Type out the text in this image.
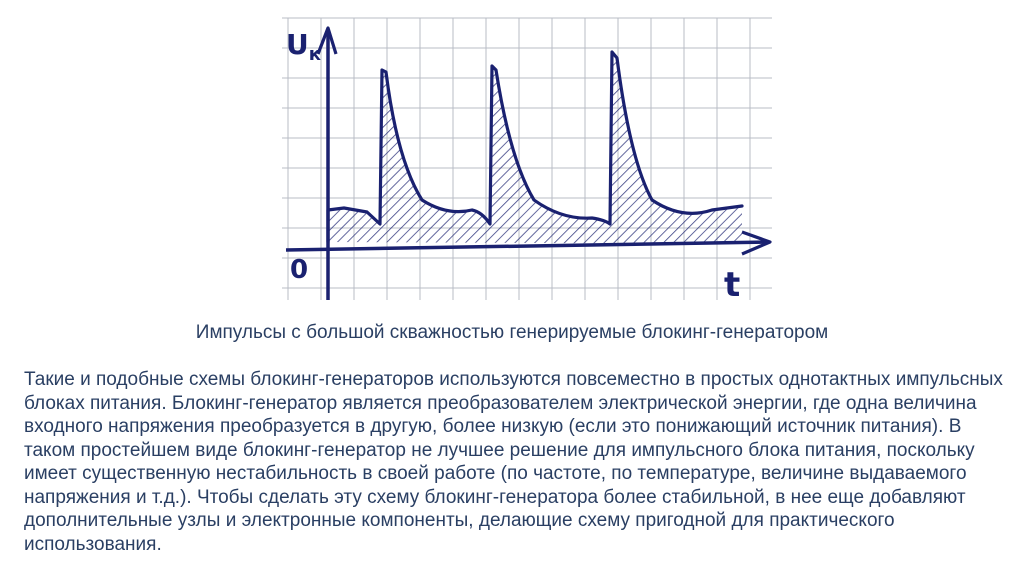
$U_к$
0	t
Импульсы с большой скважностью генерируемые блокинг-генератором
Такие и подобные схемы блокинг-генераторов используются повсеместно в простых однотактных импульсных блоках питания. Блокинг-генератор является преобразователем электрической энергии, где одна величина входного напряжения преобразуется в другую, более низкую (если это понижающий источник питания). В таком простейшем виде блокинг-генератор не лучшее решение для импульсного блока питания, поскольку имеет существенную нестабильность в своей работе (по частоте, по температуре, величине выдаваемого напряжения и т.д.). Чтобы сделать эту схему блокинг-генератора более стабильной, в нее еще добавляют дополнительные узлы и электронные компоненты, делающие схему пригодной для практического использования.
